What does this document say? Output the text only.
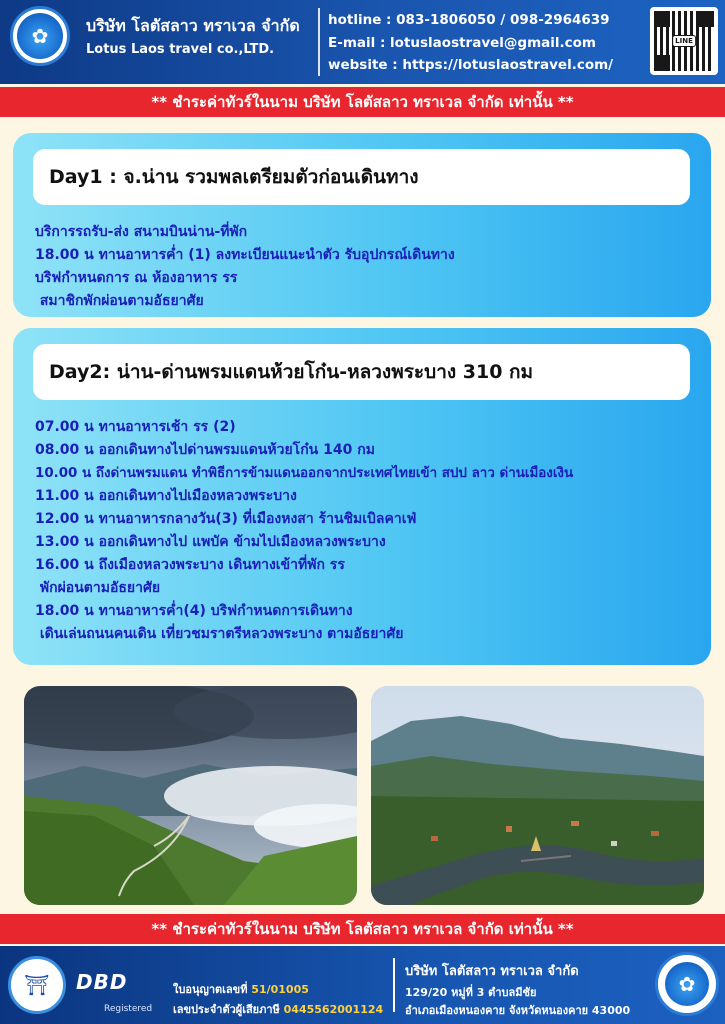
✿	บริษัท โลตัสลาว ทราเวล จำกัด
Lotus Laos travel co.,LTD.
hotline : 083-1806050 / 098-2964639
E-mail : lotuslaostravel@gmail.com
website : https://lotuslaostravel.com/
LINE
** ชำระค่าทัวร์ในนาม บริษัท โลตัสลาว ทราเวล จำกัด เท่านั้น **
Day1 : จ.น่าน รวมพลเตรียมตัวก่อนเดินทาง
บริการรถรับ-ส่ง สนามบินน่าน-ที่พัก
18.00 น ทานอาหารค่ำ (1) ลงทะเบียนแนะนำตัว รับอุปกรณ์เดินทาง
บริฟกำหนดการ ณ ห้องอาหาร รร
สมาชิกพักผ่อนตามอัธยาศัย
Day2: น่าน-ด่านพรมแดนห้วยโก๋น-หลวงพระบาง 310 กม
07.00 น ทานอาหารเช้า รร (2)
08.00 น ออกเดินทางไปด่านพรมแดนห้วยโก๋น 140 กม
10.00 น ถึงด่านพรมแดน ทำพิธีการข้ามแดนออกจากประเทศไทยเข้า สปป ลาว ด่านเมืองเงิน
11.00 น ออกเดินทางไปเมืองหลวงพระบาง
12.00 น ทานอาหารกลางวัน(3) ที่เมืองหงสา ร้านชิมเบิลคาเฟ่
13.00 น ออกเดินทางไป แพบัค ข้ามไปเมืองหลวงพระบาง
16.00 น ถึงเมืองหลวงพระบาง เดินทางเข้าที่พัก รร
พักผ่อนตามอัธยาศัย
18.00 น ทานอาหารค่ำ(4) บริฟกำหนดการเดินทาง
เดินเล่นถนนคนเดิน เที่ยวชมราตรีหลวงพระบาง ตามอัธยาศัย
** ชำระค่าทัวร์ในนาม บริษัท โลตัสลาว ทราเวล จำกัด เท่านั้น **
⛩	DBD
Registered
ใบอนุญาตเลขที่ 51/01005
เลขประจำตัวผู้เสียภาษี 0445562001124
บริษัท โลตัสลาว ทราเวล จำกัด
129/20 หมู่ที่ 3 ตำบลมีชัย
อำเภอเมืองหนองคาย จังหวัดหนองคาย 43000
✿
